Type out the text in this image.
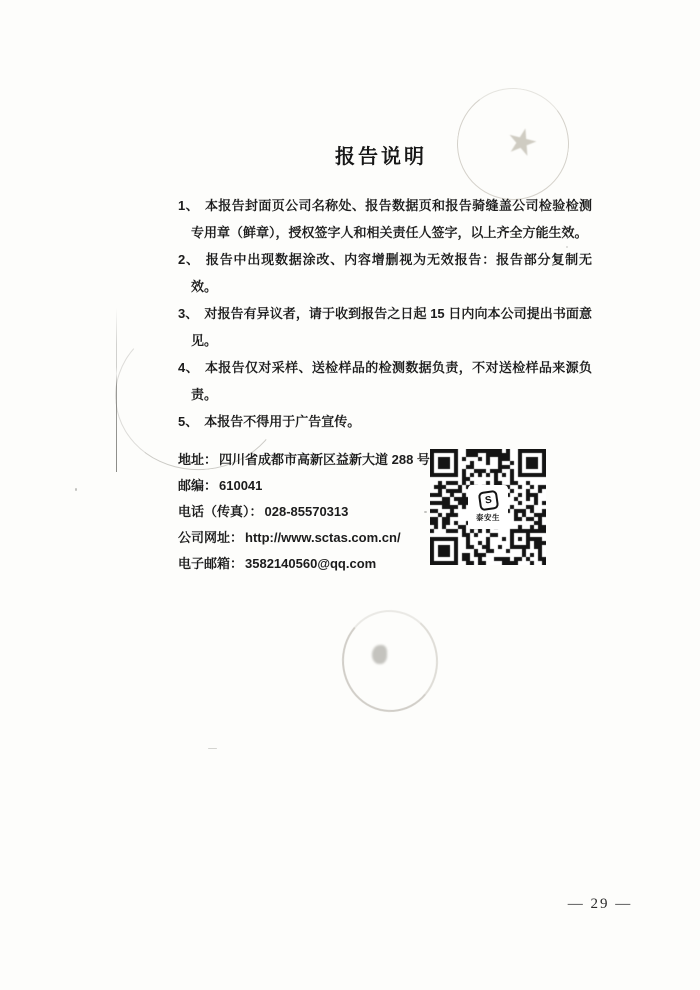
★
报告说明
1、 本报告封面页公司名称处、报告数据页和报告骑缝盖公司检验检测专用章（鲜章），授权签字人和相关责任人签字，以上齐全方能生效。
2、 报告中出现数据涂改、内容增删视为无效报告：报告部分复制无效。
3、 对报告有异议者，请于收到报告之日起 15 日内向本公司提出书面意见。
4、 本报告仅对采样、送检样品的检测数据负责，不对送检样品来源负责。
5、 本报告不得用于广告宣传。
地址： 四川省成都市高新区益新大道 288 号
邮编： 610041
电话（传真）： 028-85570313
公司网址： http://www.sctas.com.cn/
电子邮箱： 3582140560@qq.com
S
泰安生
— 29 —
